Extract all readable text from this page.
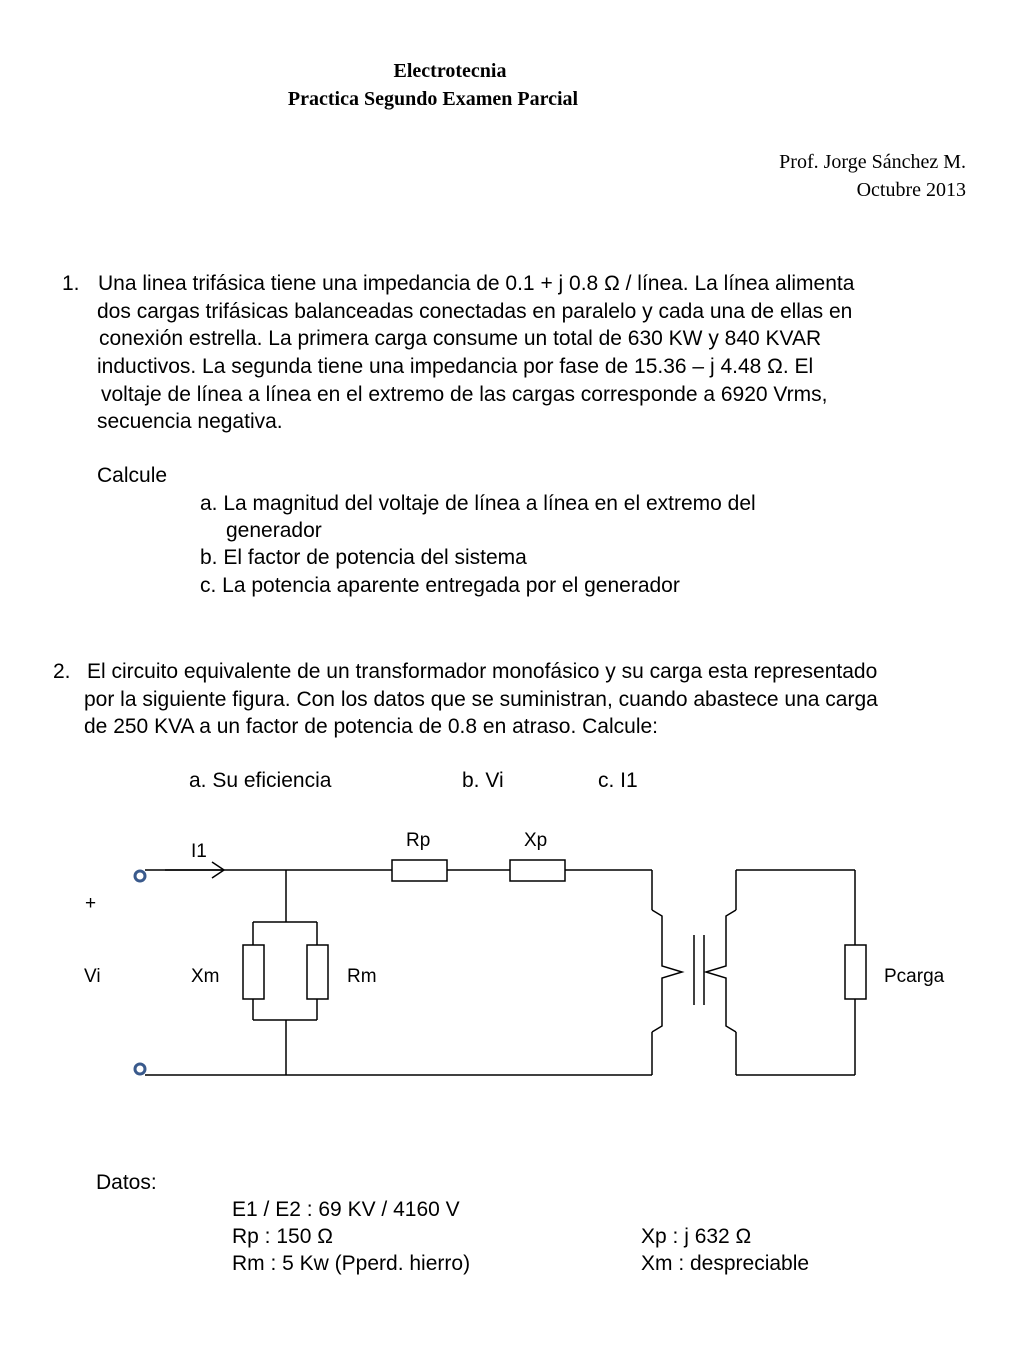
Electrotecnia
Practica Segundo Examen Parcial
Prof. Jorge Sánchez M.
Octubre 2013
1. Una linea trifásica tiene una impedancia de 0.1 + j 0.8 Ω / línea. La línea alimenta
dos cargas trifásicas balanceadas conectadas en paralelo y cada una de ellas en
conexión estrella. La primera carga consume un total de 630 KW y 840 KVAR
inductivos. La segunda tiene una impedancia por fase de 15.36 – j 4.48 Ω. El
voltaje de línea a línea en el extremo de las cargas corresponde a 6920 Vrms,
secuencia negativa.
Calcule
a. La magnitud del voltaje de línea a línea en el extremo del
generador
b. El factor de potencia del sistema
c. La potencia aparente entregada por el generador
2. El circuito equivalente de un transformador monofásico y su carga esta representado
por la siguiente figura. Con los datos que se suministran, cuando abastece una carga
de 250 KVA a un factor de potencia de 0.8 en atraso. Calcule:
a. Su eficiencia	b. Vi	c. I1
I1
+
Vi	Xm	Rm
Rp	Xp
Pcarga
Datos:
E1 / E2 : 69 KV / 4160 V
Rp : 150 Ω	Xp : j 632 Ω
Rm : 5 Kw (Pperd. hierro)	Xm : despreciable
